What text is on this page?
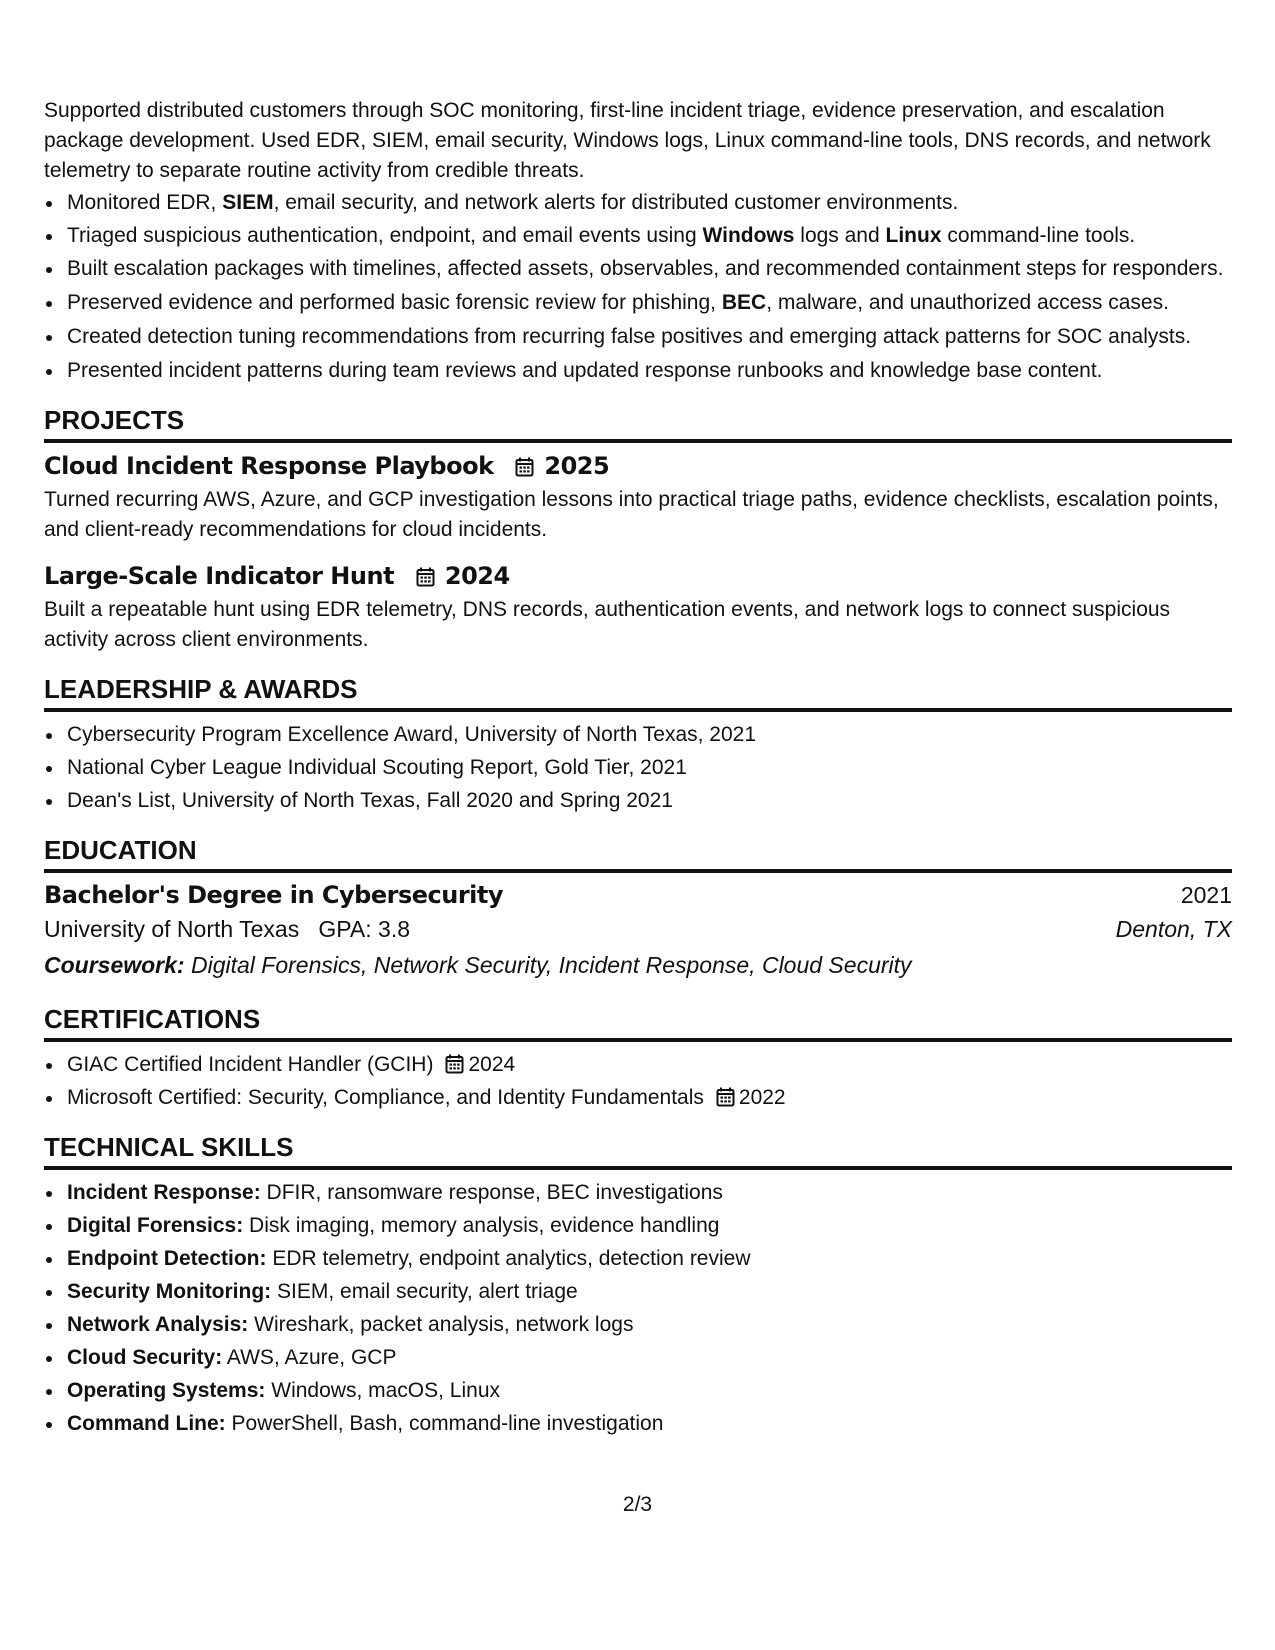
Supported distributed customers through SOC monitoring, first-line incident triage, evidence preservation, and escalation package development. Used EDR, SIEM, email security, Windows logs, Linux command-line tools, DNS records, and network telemetry to separate routine activity from credible threats.

Monitored EDR, SIEM, email security, and network alerts for distributed customer environments.
Triaged suspicious authentication, endpoint, and email events using Windows logs and Linux command-line tools.
Built escalation packages with timelines, affected assets, observables, and recommended containment steps for responders.
Preserved evidence and performed basic forensic review for phishing, BEC, malware, and unauthorized access cases.
Created detection tuning recommendations from recurring false positives and emerging attack patterns for SOC analysts.
Presented incident patterns during team reviews and updated response runbooks and knowledge base content.
PROJECTS
Cloud Incident Response Playbook 2025

Turned recurring AWS, Azure, and GCP investigation lessons into practical triage paths, evidence checklists, escalation points, and client-ready recommendations for cloud incidents.

Large-Scale Indicator Hunt 2024

Built a repeatable hunt using EDR telemetry, DNS records, authentication events, and network logs to connect suspicious activity across client environments.

LEADERSHIP & AWARDS
Cybersecurity Program Excellence Award, University of North Texas, 2021
National Cyber League Individual Scouting Report, Gold Tier, 2021
Dean's List, University of North Texas, Fall 2020 and Spring 2021
EDUCATION
Bachelor's Degree in Cybersecurity	2021
University of North Texas GPA: 3.8	Denton, TX
Coursework: Digital Forensics, Network Security, Incident Response, Cloud Security
CERTIFICATIONS
GIAC Certified Incident Handler (GCIH) 2024
Microsoft Certified: Security, Compliance, and Identity Fundamentals 2022
TECHNICAL SKILLS
Incident Response: DFIR, ransomware response, BEC investigations
Digital Forensics: Disk imaging, memory analysis, evidence handling
Endpoint Detection: EDR telemetry, endpoint analytics, detection review
Security Monitoring: SIEM, email security, alert triage
Network Analysis: Wireshark, packet analysis, network logs
Cloud Security: AWS, Azure, GCP
Operating Systems: Windows, macOS, Linux
Command Line: PowerShell, Bash, command-line investigation
2/3
